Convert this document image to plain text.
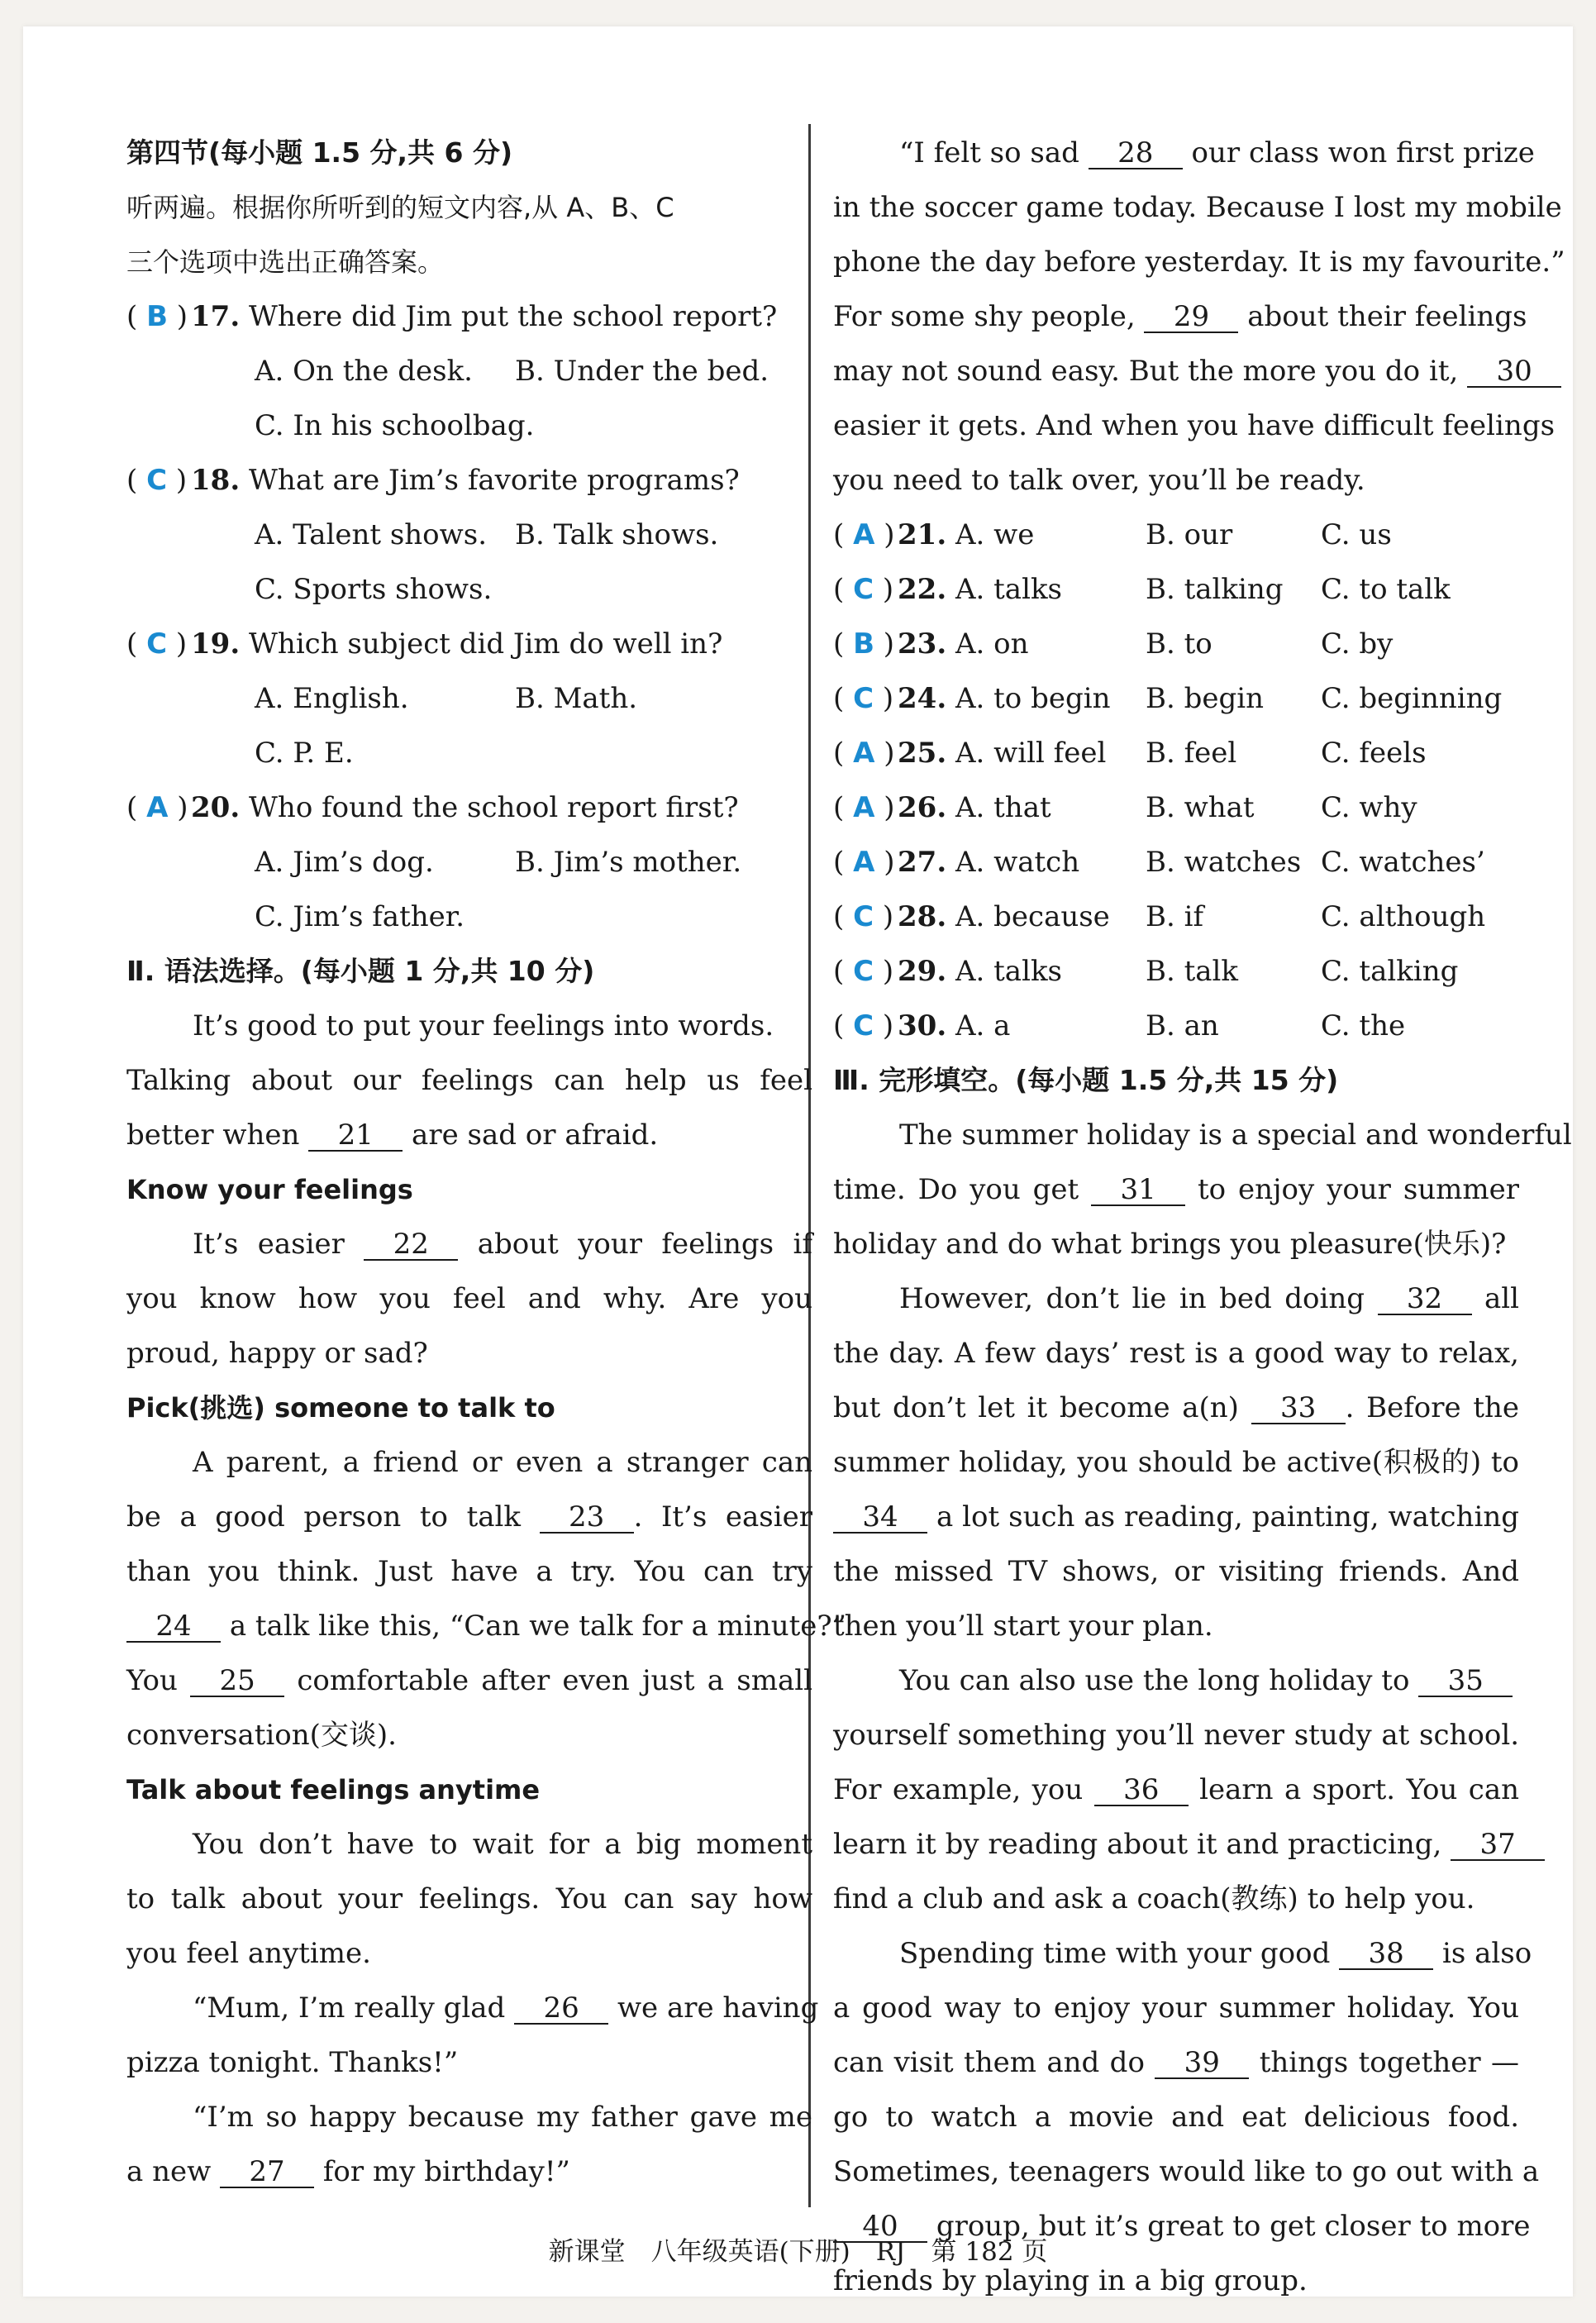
第四节(每小题 1.5 分,共 6 分)
听两遍。根据你所听到的短文内容,从 A、B、C
三个选项中选出正确答案。
( B ) 17. Where did Jim put the school report?
A. On the desk. B. Under the bed.
C. In his schoolbag.
( C ) 18. What are Jim’s favorite programs?
A. Talent shows. B. Talk shows.
C. Sports shows.
( C ) 19. Which subject did Jim do well in?
A. English.	B. Math.
C. P. E.
( A ) 20. Who found the school report first?
A. Jim’s dog.	B. Jim’s mother.
C. Jim’s father.
Ⅱ. 语法选择。(每小题 1 分,共 10 分)
It’s good to put your feelings into words.
Talking about our feelings can help us feel
better when 21 are sad or afraid.
Know your feelings
It’s easier 22 about your feelings if
you know how you feel and why. Are you
proud, happy or sad?
Pick(挑选) someone to talk to
A parent, a friend or even a stranger can
be a good person to talk 23 . It’s easier
than you think. Just have a try. You can try
24 a talk like this, “Can we talk for a minute?”
You 25 comfortable after even just a small
conversation(交谈).
Talk about feelings anytime
You don’t have to wait for a big moment
to talk about your feelings. You can say how
you feel anytime.
“Mum, I’m really glad 26 we are having
pizza tonight. Thanks!”
“I’m so happy because my father gave me
a new 27 for my birthday!”
“I felt so sad 28 our class won first prize
in the soccer game today. Because I lost my mobile
phone the day before yesterday. It is my favourite.”
For some shy people, 29 about their feelings
may not sound easy. But the more you do it, 30
easier it gets. And when you have difficult feelings
you need to talk over, you’ll be ready.
( A ) 21. A. we	B. our	C. us
( C ) 22. A. talks	B. talking C. to talk
( B ) 23. A. on	B. to	C. by
( C ) 24. A. to begin B. begin C. beginning
( A ) 25. A. will feel B. feel	C. feels
( A ) 26. A. that	B. what C. why
( A ) 27. A. watch B. watches C. watches’
( C ) 28. A. because B. if	C. although
( C ) 29. A. talks	B. talk	C. talking
( C ) 30. A. a	B. an	C. the
Ⅲ. 完形填空。(每小题 1.5 分,共 15 分)
The summer holiday is a special and wonderful
time. Do you get 31 to enjoy your summer
holiday and do what brings you pleasure(快乐)?
However, don’t lie in bed doing 32 all
the day. A few days’ rest is a good way to relax,
but don’t let it become a(n) 33 . Before the
summer holiday, you should be active(积极的) to
34 a lot such as reading, painting, watching
the missed TV shows, or visiting friends. And
then you’ll start your plan.
You can also use the long holiday to 35
yourself something you’ll never study at school.
For example, you 36 learn a sport. You can
learn it by reading about it and practicing, 37
find a club and ask a coach(教练) to help you.
Spending time with your good 38 is also
a good way to enjoy your summer holiday. You
can visit them and do 39 things together —
go to watch a movie and eat delicious food.
Sometimes, teenagers would like to go out with a
40 group, but it’s great to get closer to more
friends by playing in a big group.
新课堂　八年级英语(下册)　RJ　第 182 页
